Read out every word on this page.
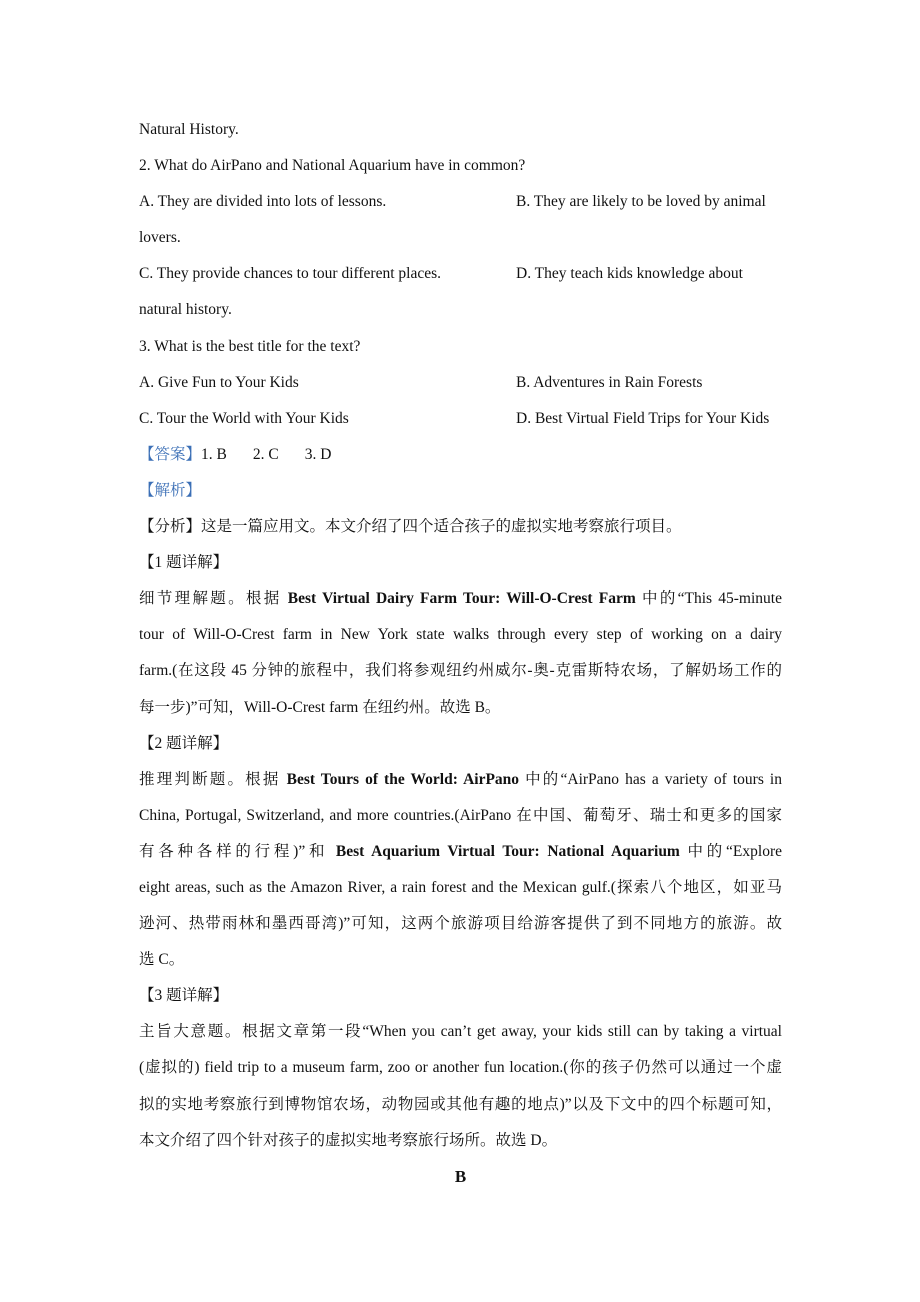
Natural History.
2. What do AirPano and National Aquarium have in common?
A. They are divided into lots of lessons.	B. They are likely to be loved by animal
lovers.
C. They provide chances to tour different places.	D. They teach kids knowledge about
natural history.
3. What is the best title for the text?
A. Give Fun to Your Kids	B. Adventures in Rain Forests
C. Tour the World with Your Kids	D. Best Virtual Field Trips for Your Kids
【答案】1. B 2. C 3. D
【解析】
【分析】这是一篇应用文。本文介绍了四个适合孩子的虚拟实地考察旅行项目。
【1 题详解】
细节理解题。根据 Best Virtual Dairy Farm Tour: Will-O-Crest Farm 中的“This 45-minute
tour of Will-O-Crest farm in New York state walks through every step of working on a dairy
farm.(在这段 45 分钟的旅程中，我们将参观纽约州威尔-奥-克雷斯特农场，了解奶场工作的
每一步)”可知，Will-O-Crest farm 在纽约州。故选 B。
【2 题详解】
推理判断题。根据 Best Tours of the World: AirPano 中的“AirPano has a variety of tours in
China, Portugal, Switzerland, and more countries.(AirPano 在中国、葡萄牙、瑞士和更多的国家
有各种各样的行程)”和 Best Aquarium Virtual Tour: National Aquarium 中的“Explore
eight areas, such as the Amazon River, a rain forest and the Mexican gulf.(探索八个地区，如亚马
逊河、热带雨林和墨西哥湾)”可知，这两个旅游项目给游客提供了到不同地方的旅游。故
选 C。
【3 题详解】
主旨大意题。根据文章第一段“When you can’t get away, your kids still can by taking a virtual
(虚拟的) field trip to a museum farm, zoo or another fun location.(你的孩子仍然可以通过一个虚
拟的实地考察旅行到博物馆农场，动物园或其他有趣的地点)”以及下文中的四个标题可知，
本文介绍了四个针对孩子的虚拟实地考察旅行场所。故选 D。
B
